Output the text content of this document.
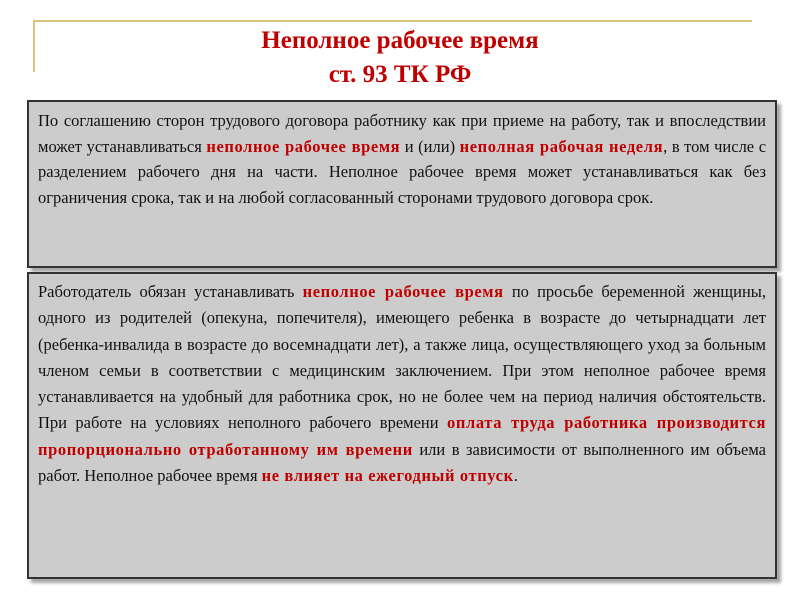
Неполное рабочее время
ст. 93 ТК РФ

По соглашению сторон трудового договора работнику как при приеме на работу, так и впоследствии может устанавливаться неполное рабочее время и (или) неполная рабочая неделя, в том числе с разделением рабочего дня на части. Неполное рабочее время может устанавливаться как без ограничения срока, так и на любой согласованный сторонами трудового договора срок.

Работодатель обязан устанавливать неполное рабочее время по просьбе беременной женщины, одного из родителей (опекуна, попечителя), имеющего ребенка в возрасте до четырнадцати лет (ребенка-инвалида в возрасте до восемнадцати лет), а также лица, осуществляющего уход за больным членом семьи в соответствии с медицинским заключением. При этом неполное рабочее время устанавливается на удобный для работника срок, но не более чем на период наличия обстоятельств. При работе на условиях неполного рабочего времени оплата труда работника производится пропорционально отработанному им времени или в зависимости от выполненного им объема работ. Неполное рабочее время не влияет на ежегодный отпуск.
